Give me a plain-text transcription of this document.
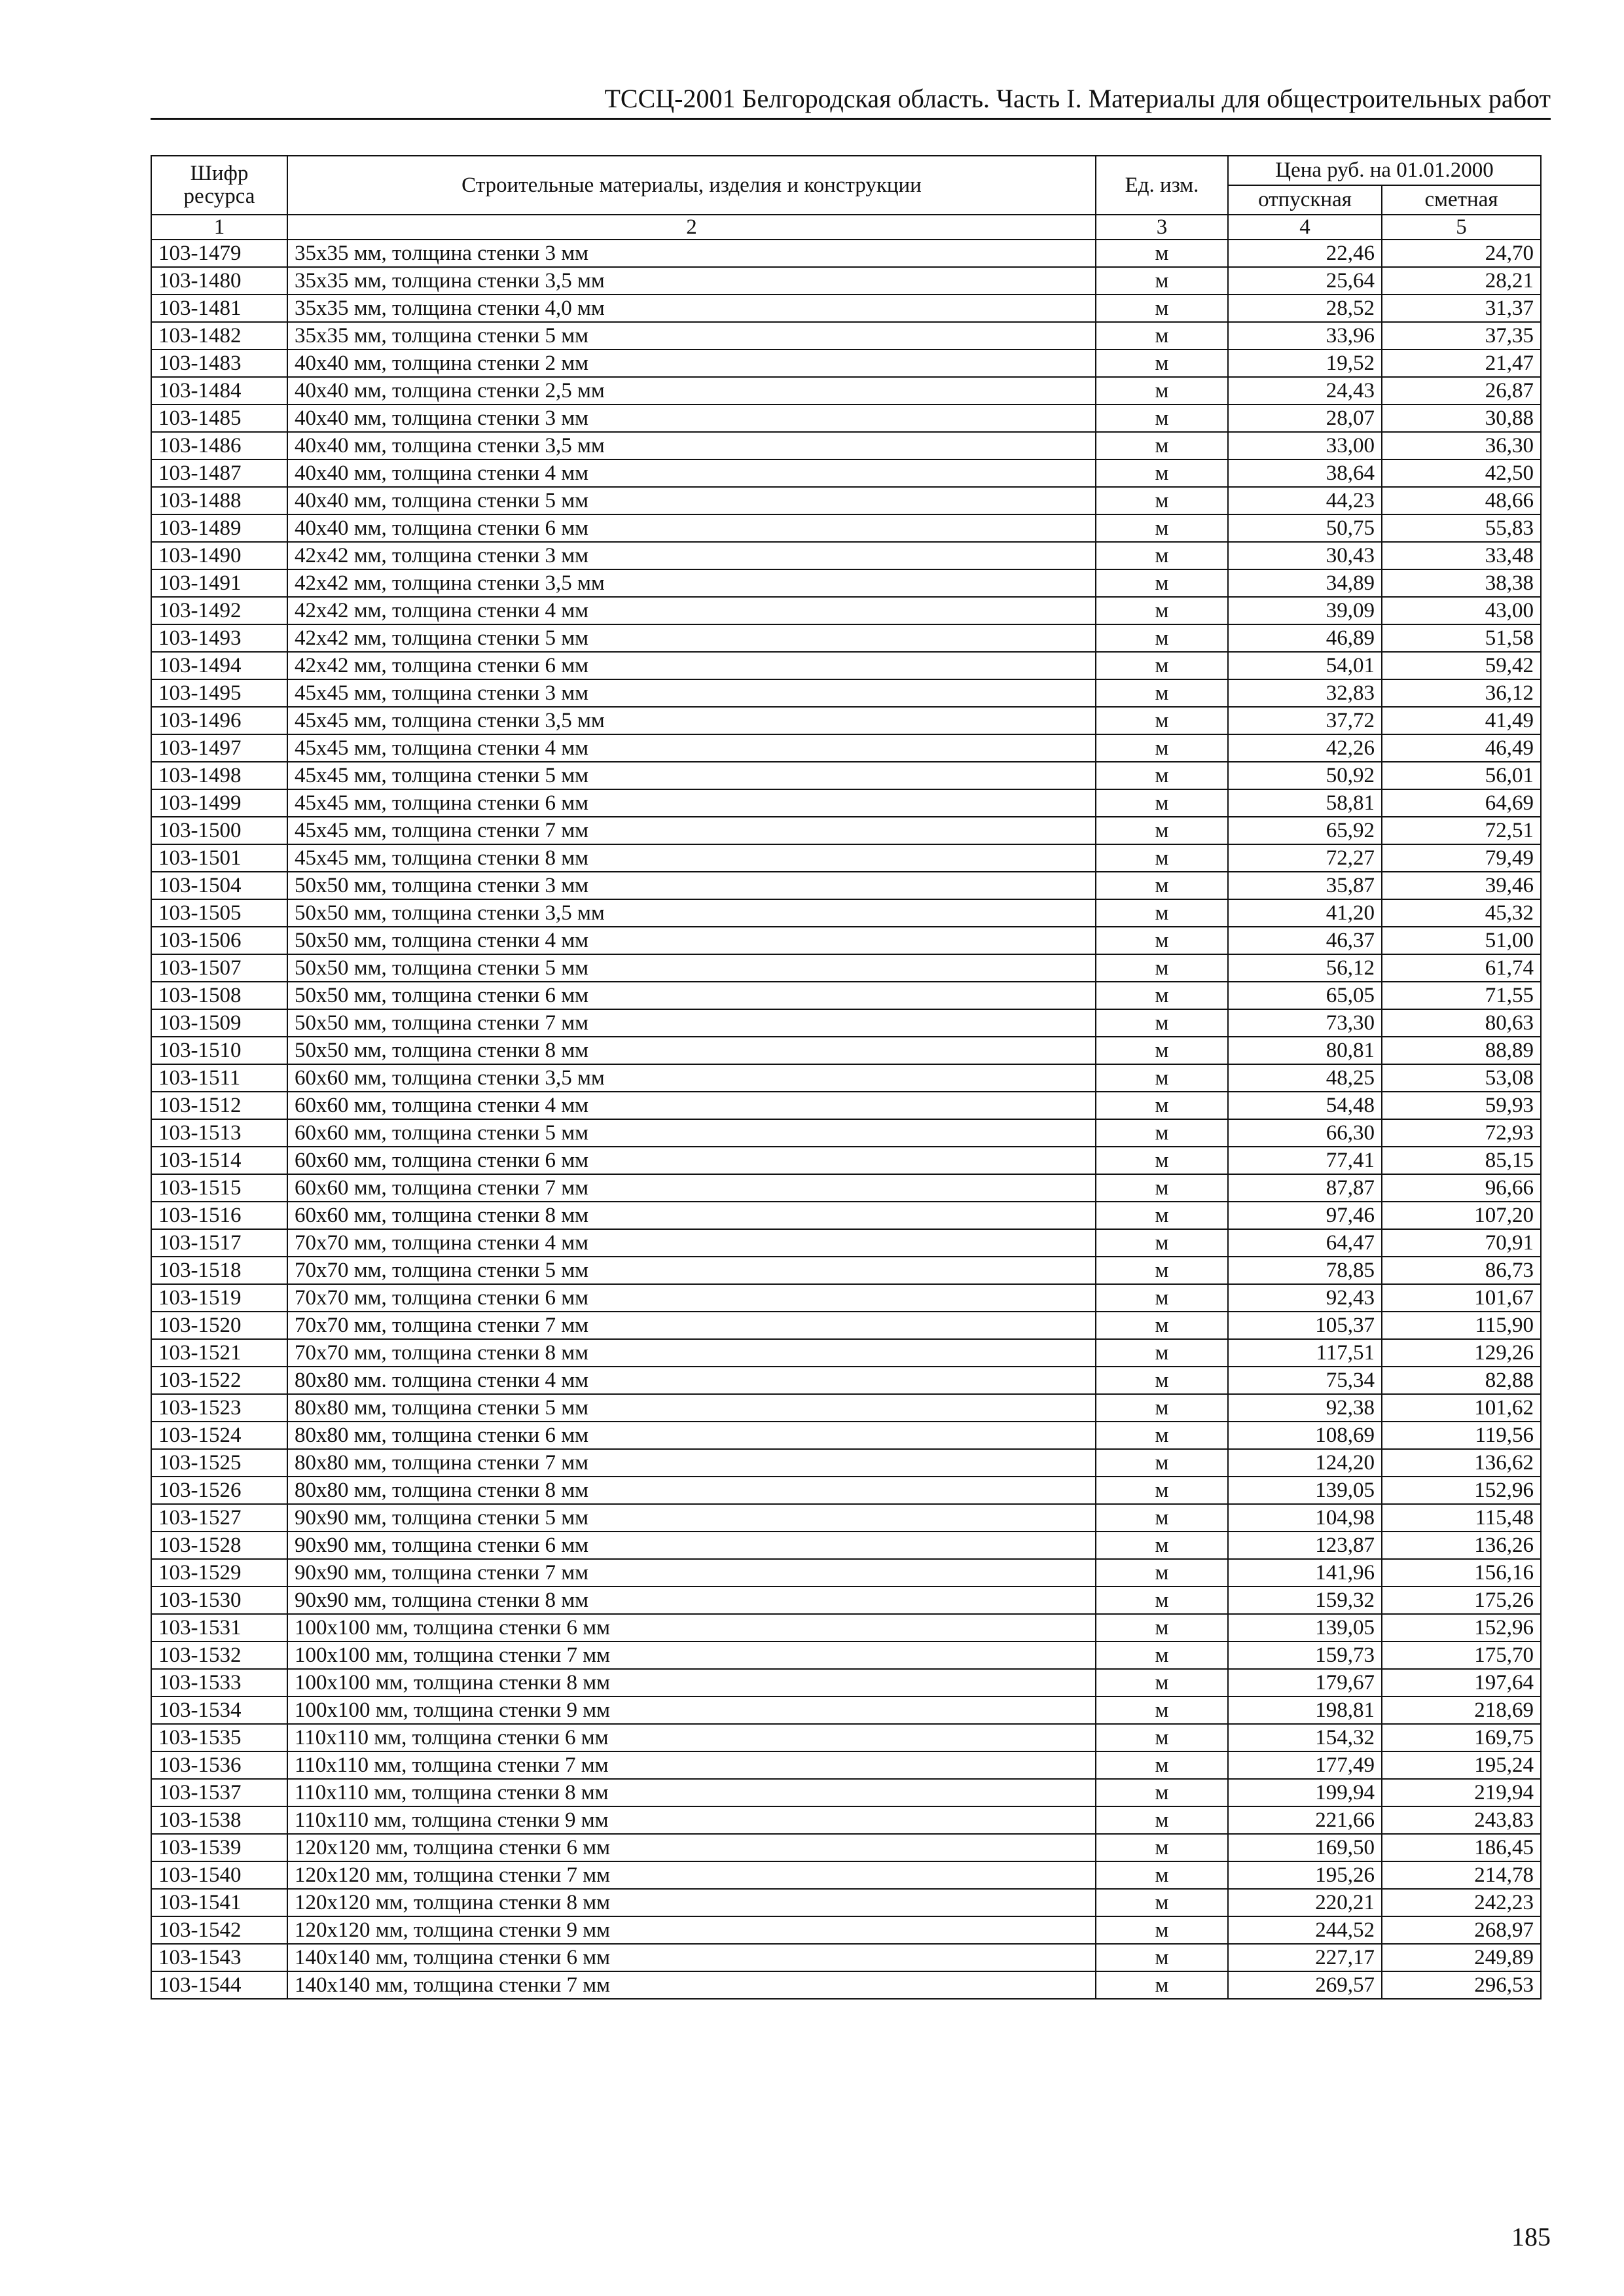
ТССЦ-2001 Белгородская область. Часть I. Материалы для общестроительных работ
Шифр ресурса	Строительные материалы, изделия и конструкции	Ед. изм.	Цена руб. на 01.01.2000	
			отпускная	сметная
1	2	3	4	5
103-1479	35x35 мм, толщина стенки 3 мм	м	22,46	24,70
103-1480	35x35 мм, толщина стенки 3,5 мм	м	25,64	28,21
103-1481	35x35 мм, толщина стенки 4,0 мм	м	28,52	31,37
103-1482	35x35 мм, толщина стенки 5 мм	м	33,96	37,35
103-1483	40x40 мм, толщина стенки 2 мм	м	19,52	21,47
103-1484	40x40 мм, толщина стенки 2,5 мм	м	24,43	26,87
103-1485	40x40 мм, толщина стенки 3 мм	м	28,07	30,88
103-1486	40x40 мм, толщина стенки 3,5 мм	м	33,00	36,30
103-1487	40x40 мм, толщина стенки 4 мм	м	38,64	42,50
103-1488	40x40 мм, толщина стенки 5 мм	м	44,23	48,66
103-1489	40x40 мм, толщина стенки 6 мм	м	50,75	55,83
103-1490	42x42 мм, толщина стенки 3 мм	м	30,43	33,48
103-1491	42x42 мм, толщина стенки 3,5 мм	м	34,89	38,38
103-1492	42x42 мм, толщина стенки 4 мм	м	39,09	43,00
103-1493	42x42 мм, толщина стенки 5 мм	м	46,89	51,58
103-1494	42x42 мм, толщина стенки 6 мм	м	54,01	59,42
103-1495	45x45 мм, толщина стенки 3 мм	м	32,83	36,12
103-1496	45x45 мм, толщина стенки 3,5 мм	м	37,72	41,49
103-1497	45x45 мм, толщина стенки 4 мм	м	42,26	46,49
103-1498	45x45 мм, толщина стенки 5 мм	м	50,92	56,01
103-1499	45x45 мм, толщина стенки 6 мм	м	58,81	64,69
103-1500	45x45 мм, толщина стенки 7 мм	м	65,92	72,51
103-1501	45x45 мм, толщина стенки 8 мм	м	72,27	79,49
103-1504	50x50 мм, толщина стенки 3 мм	м	35,87	39,46
103-1505	50x50 мм, толщина стенки 3,5 мм	м	41,20	45,32
103-1506	50x50 мм, толщина стенки 4 мм	м	46,37	51,00
103-1507	50x50 мм, толщина стенки 5 мм	м	56,12	61,74
103-1508	50x50 мм, толщина стенки 6 мм	м	65,05	71,55
103-1509	50x50 мм, толщина стенки 7 мм	м	73,30	80,63
103-1510	50x50 мм, толщина стенки 8 мм	м	80,81	88,89
103-1511	60x60 мм, толщина стенки 3,5 мм	м	48,25	53,08
103-1512	60x60 мм, толщина стенки 4 мм	м	54,48	59,93
103-1513	60x60 мм, толщина стенки 5 мм	м	66,30	72,93
103-1514	60x60 мм, толщина стенки 6 мм	м	77,41	85,15
103-1515	60x60 мм, толщина стенки 7 мм	м	87,87	96,66
103-1516	60x60 мм, толщина стенки 8 мм	м	97,46	107,20
103-1517	70x70 мм, толщина стенки 4 мм	м	64,47	70,91
103-1518	70x70 мм, толщина стенки 5 мм	м	78,85	86,73
103-1519	70x70 мм, толщина стенки 6 мм	м	92,43	101,67
103-1520	70x70 мм, толщина стенки 7 мм	м	105,37	115,90
103-1521	70x70 мм, толщина стенки 8 мм	м	117,51	129,26
103-1522	80x80 мм. толщина стенки 4 мм	м	75,34	82,88
103-1523	80x80 мм, толщина стенки 5 мм	м	92,38	101,62
103-1524	80x80 мм, толщина стенки 6 мм	м	108,69	119,56
103-1525	80x80 мм, толщина стенки 7 мм	м	124,20	136,62
103-1526	80x80 мм, толщина стенки 8 мм	м	139,05	152,96
103-1527	90x90 мм, толщина стенки 5 мм	м	104,98	115,48
103-1528	90x90 мм, толщина стенки 6 мм	м	123,87	136,26
103-1529	90x90 мм, толщина стенки 7 мм	м	141,96	156,16
103-1530	90x90 мм, толщина стенки 8 мм	м	159,32	175,26
103-1531	100x100 мм, толщина стенки 6 мм	м	139,05	152,96
103-1532	100x100 мм, толщина стенки 7 мм	м	159,73	175,70
103-1533	100x100 мм, толщина стенки 8 мм	м	179,67	197,64
103-1534	100x100 мм, толщина стенки 9 мм	м	198,81	218,69
103-1535	110x110 мм, толщина стенки 6 мм	м	154,32	169,75
103-1536	110x110 мм, толщина стенки 7 мм	м	177,49	195,24
103-1537	110x110 мм, толщина стенки 8 мм	м	199,94	219,94
103-1538	110x110 мм, толщина стенки 9 мм	м	221,66	243,83
103-1539	120x120 мм, толщина стенки 6 мм	м	169,50	186,45
103-1540	120x120 мм, толщина стенки 7 мм	м	195,26	214,78
103-1541	120x120 мм, толщина стенки 8 мм	м	220,21	242,23
103-1542	120x120 мм, толщина стенки 9 мм	м	244,52	268,97
103-1543	140x140 мм, толщина стенки 6 мм	м	227,17	249,89
103-1544	140x140 мм, толщина стенки 7 мм	м	269,57	296,53
185
